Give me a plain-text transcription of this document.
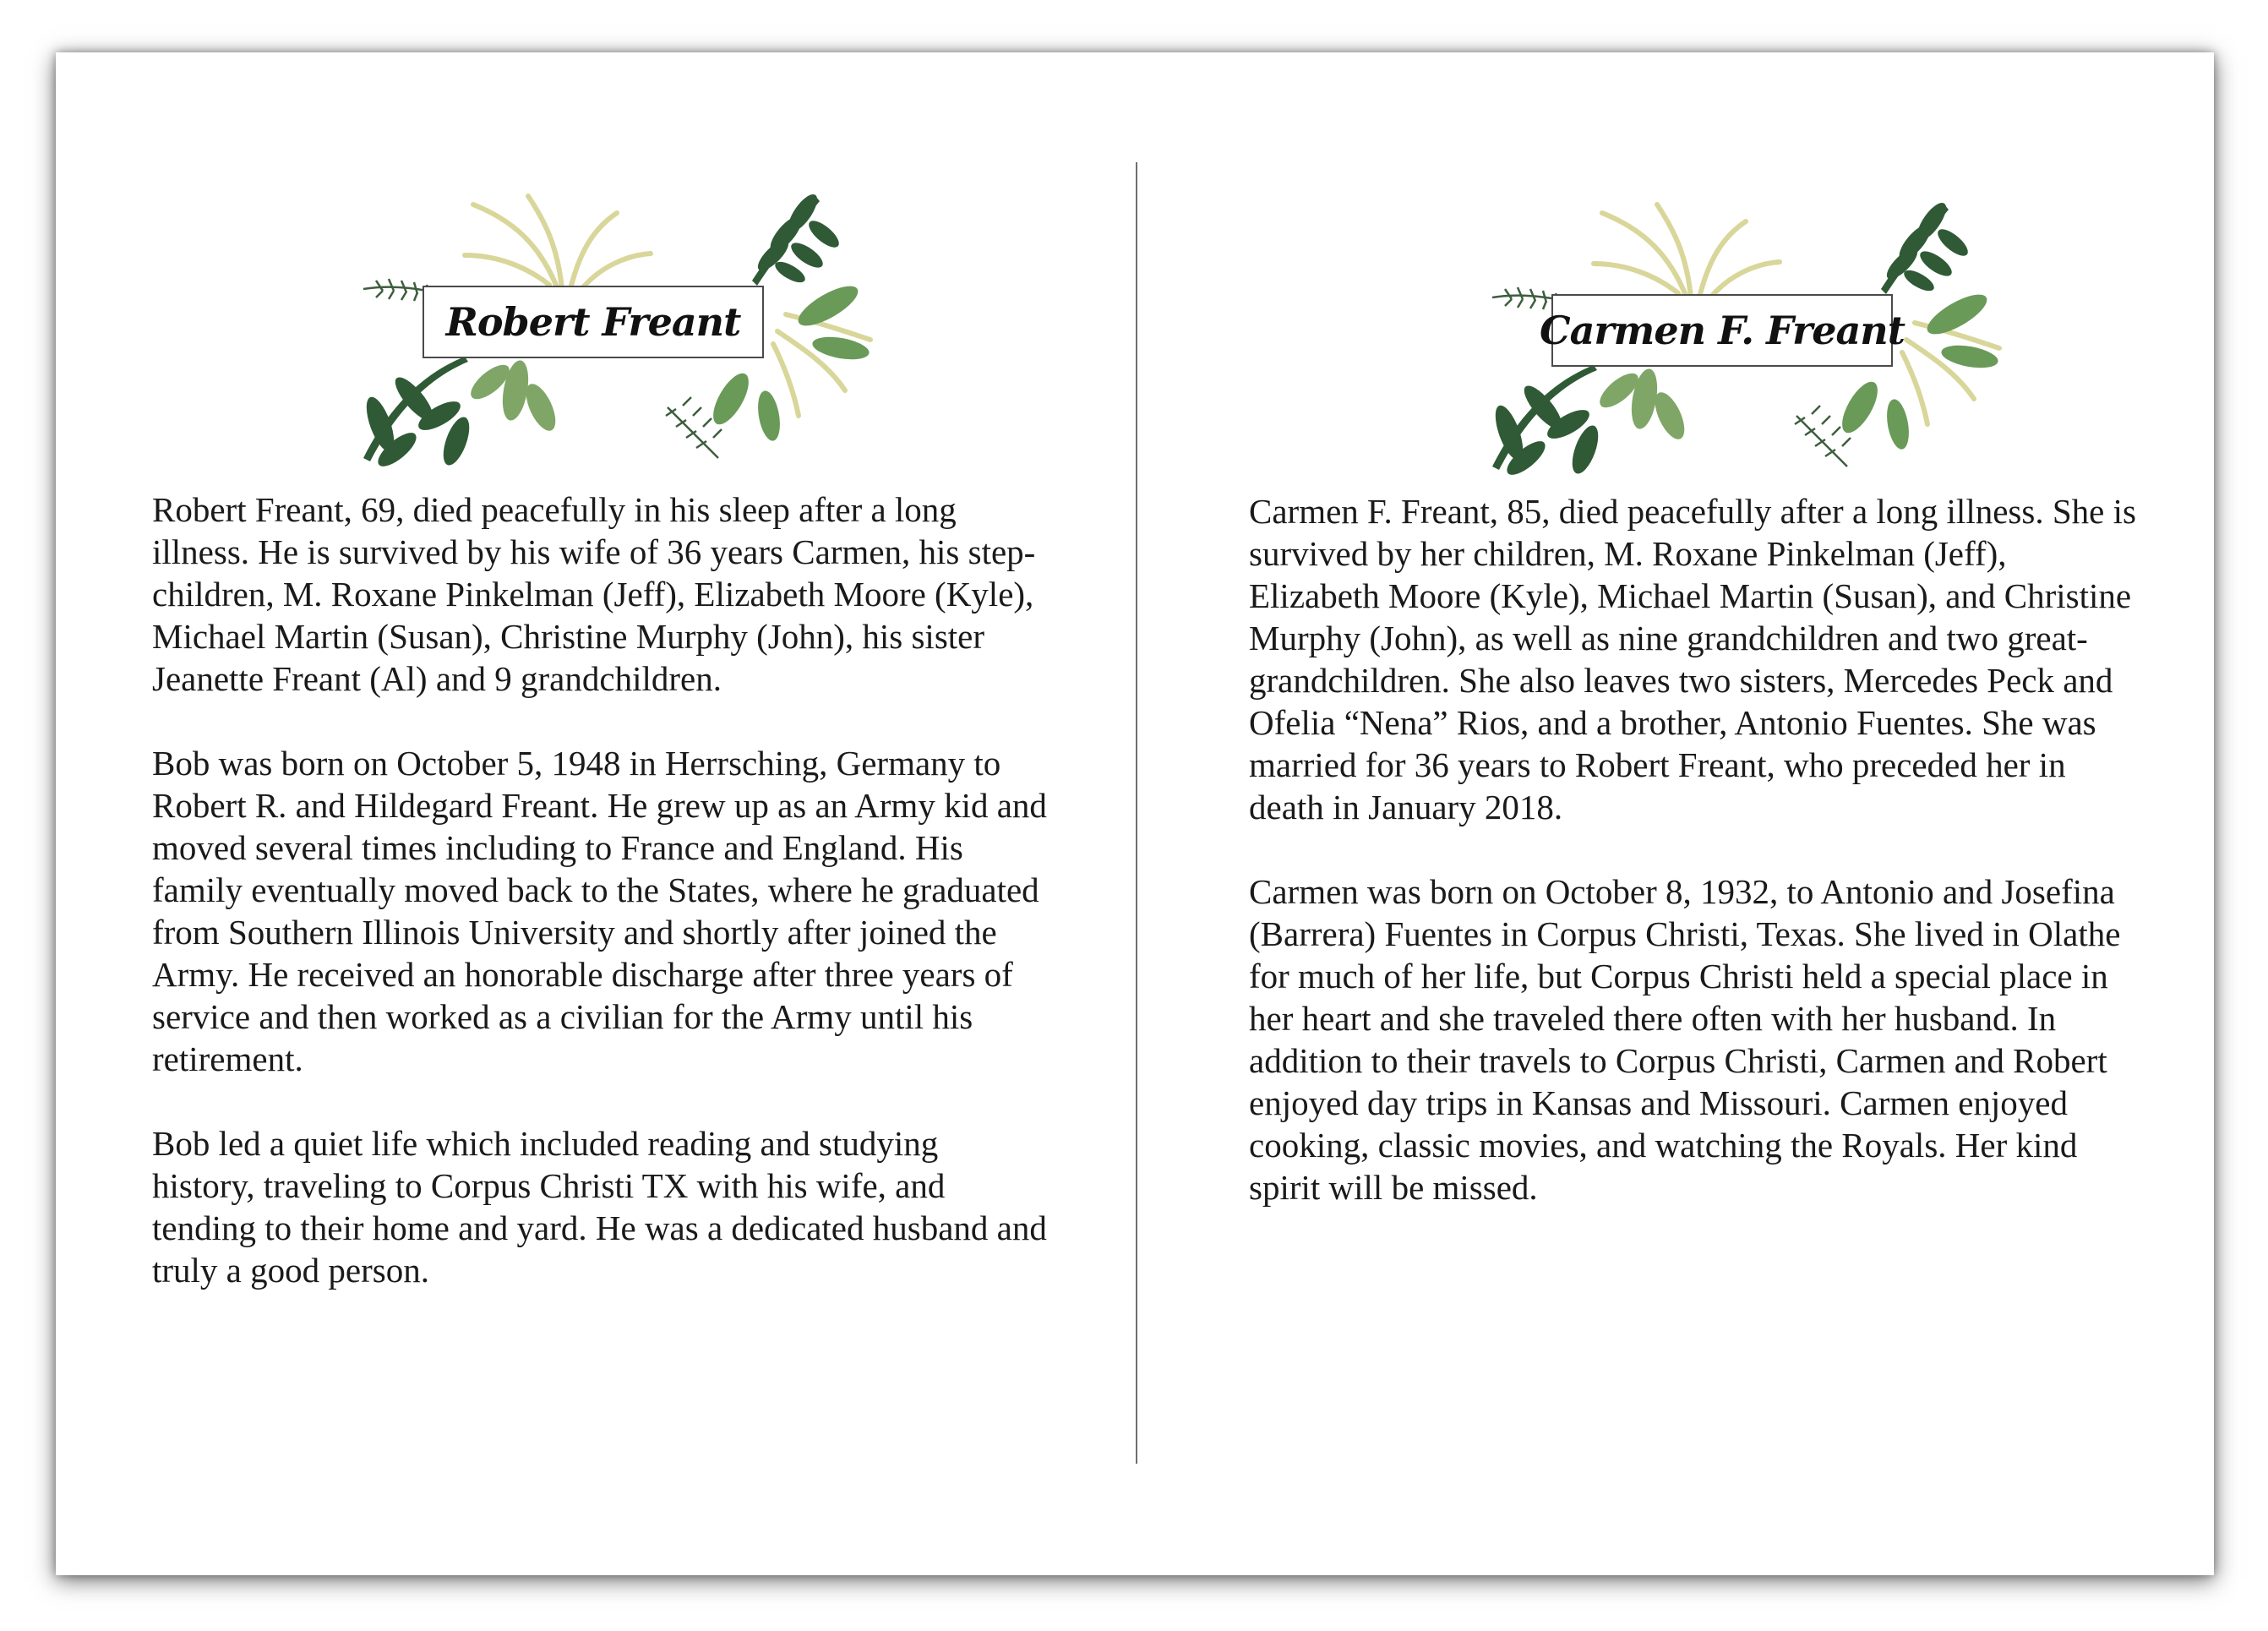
Robert Freant

Robert Freant, 69, died peacefully in his sleep after a long illness. He is survived by his wife of 36 years Carmen, his step-children, M. Roxane Pinkelman (Jeff), Elizabeth Moore (Kyle), Michael Martin (Susan), Christine Murphy (John), his sister Jeanette Freant (Al) and 9 grandchildren.

Bob was born on October 5, 1948 in Herrsching, Germany to Robert R. and Hildegard Freant. He grew up as an Army kid and moved several times including to France and England. His family eventually moved back to the States, where he graduated from Southern Illinois University and shortly after joined the Army. He received an honorable discharge after three years of service and then worked as a civilian for the Army until his retirement.

Bob led a quiet life which included reading and studying history, traveling to Corpus Christi TX with his wife, and tending to their home and yard. He was a dedicated husband and truly a good person.

Carmen F. Freant

Carmen F. Freant, 85, died peacefully after a long illness. She is survived by her children, M. Roxane Pinkelman (Jeff), Elizabeth Moore (Kyle), Michael Martin (Susan), and Christine Murphy (John), as well as nine grandchildren and two great-grandchildren. She also leaves two sisters, Mercedes Peck and Ofelia “Nena” Rios, and a brother, Antonio Fuentes. She was married for 36 years to Robert Freant, who preceded her in death in January 2018.

Carmen was born on October 8, 1932, to Antonio and Josefina (Barrera) Fuentes in Corpus Christi, Texas. She lived in Olathe for much of her life, but Corpus Christi held a special place in her heart and she traveled there often with her husband. In addition to their travels to Corpus Christi, Carmen and Robert enjoyed day trips in Kansas and Missouri. Carmen enjoyed cooking, classic movies, and watching the Royals. Her kind spirit will be missed.
